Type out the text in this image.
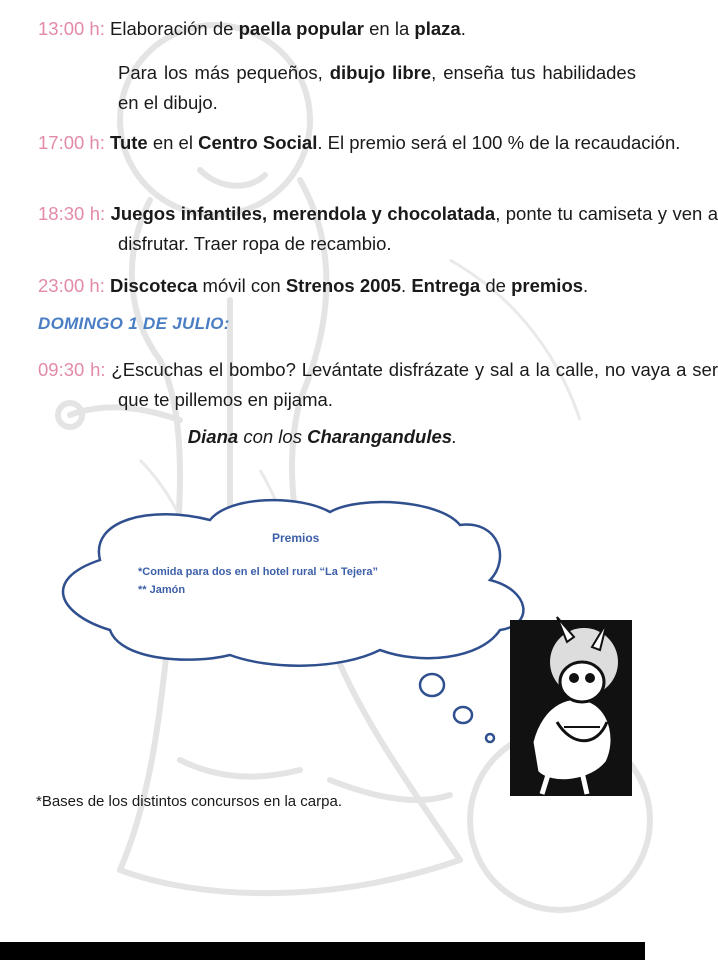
13:00 h: Elaboración de paella popular en la plaza.
Para los más pequeños, dibujo libre, enseña tus habilidades en el dibujo.
17:00 h: Tute en el Centro Social. El premio será el 100 % de la recaudación.
18:30 h: Juegos infantiles, merendola y chocolatada, ponte tu camiseta y ven a disfrutar. Traer ropa de recambio.
23:00 h: Discoteca móvil con Strenos 2005. Entrega de premios.
DOMINGO 1 DE JULIO:
09:30 h: ¿Escuchas el bombo? Levántate disfrázate y sal a la calle, no vaya a ser que te pillemos en pijama.
Diana con los Charangandules.
Premios
*Comida para dos en el hotel rural “La Tejera”
** Jamón
*Bases de los distintos concursos en la carpa.
